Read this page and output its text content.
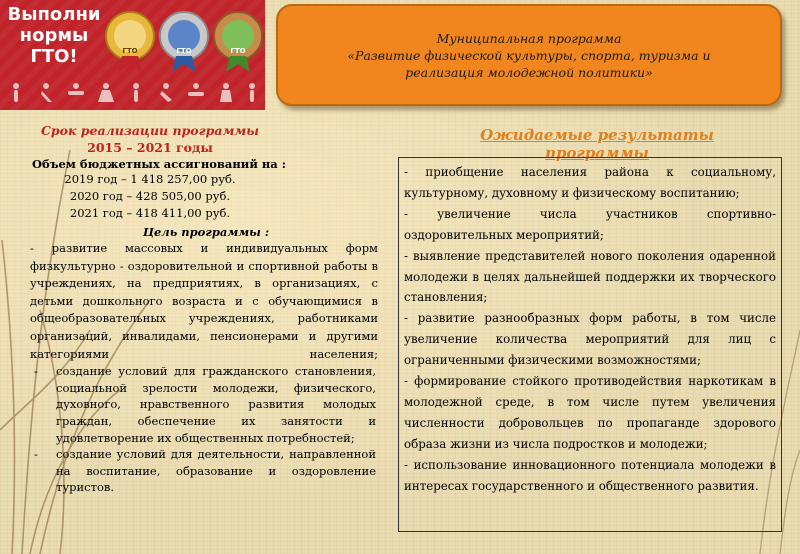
Выполни
нормы
ГТО!	ГТО	ГТО	ГТО
Муниципальная программа
«Развитие физической культуры, спорта, туризма и
реализация молодежной политики»
Срок реализации программы
2015 – 2021 годы
Объем бюджетных ассигнований на :
2019 год – 1 418 257,00 руб.
2020 год – 428 505,00 руб.
2021 год – 418 411,00 руб.
Цель программы :
- развитие массовых и индивидуальных форм физкультурно - оздоровительной и спортивной работы в учреждениях, на предприятиях, в организациях, с детьми дошкольного возраста и с обучающимися в общеобразовательных учреждениях, работниками организаций, инвалидами, пенсионерами и другими категориями населения;
- создание условий для гражданского становления, социальной зрелости молодежи, физического, духовного, нравственного развития молодых граждан, обеспечение их занятости и удовлетворение их общественных потребностей;
- создание условий для деятельности, направленной на воспитание, образование и оздоровление туристов.
Ожидаемые результаты программы
- приобщение населения района к социальному, культурному, духовному и физическому воспитанию;
- увеличение числа участников спортивно-оздоровительных мероприятий;
- выявление представителей нового поколения одаренной молодежи в целях дальнейшей поддержки их творческого становления;
- развитие разнообразных форм работы, в том числе увеличение количества мероприятий для лиц с ограниченными физическими возможностями;
- формирование стойкого противодействия наркотикам в молодежной среде, в том числе путем увеличения численности добровольцев по пропаганде здорового образа жизни из числа подростков и молодежи;
- использование инновационного потенциала молодежи в интересах государственного и общественного развития.
